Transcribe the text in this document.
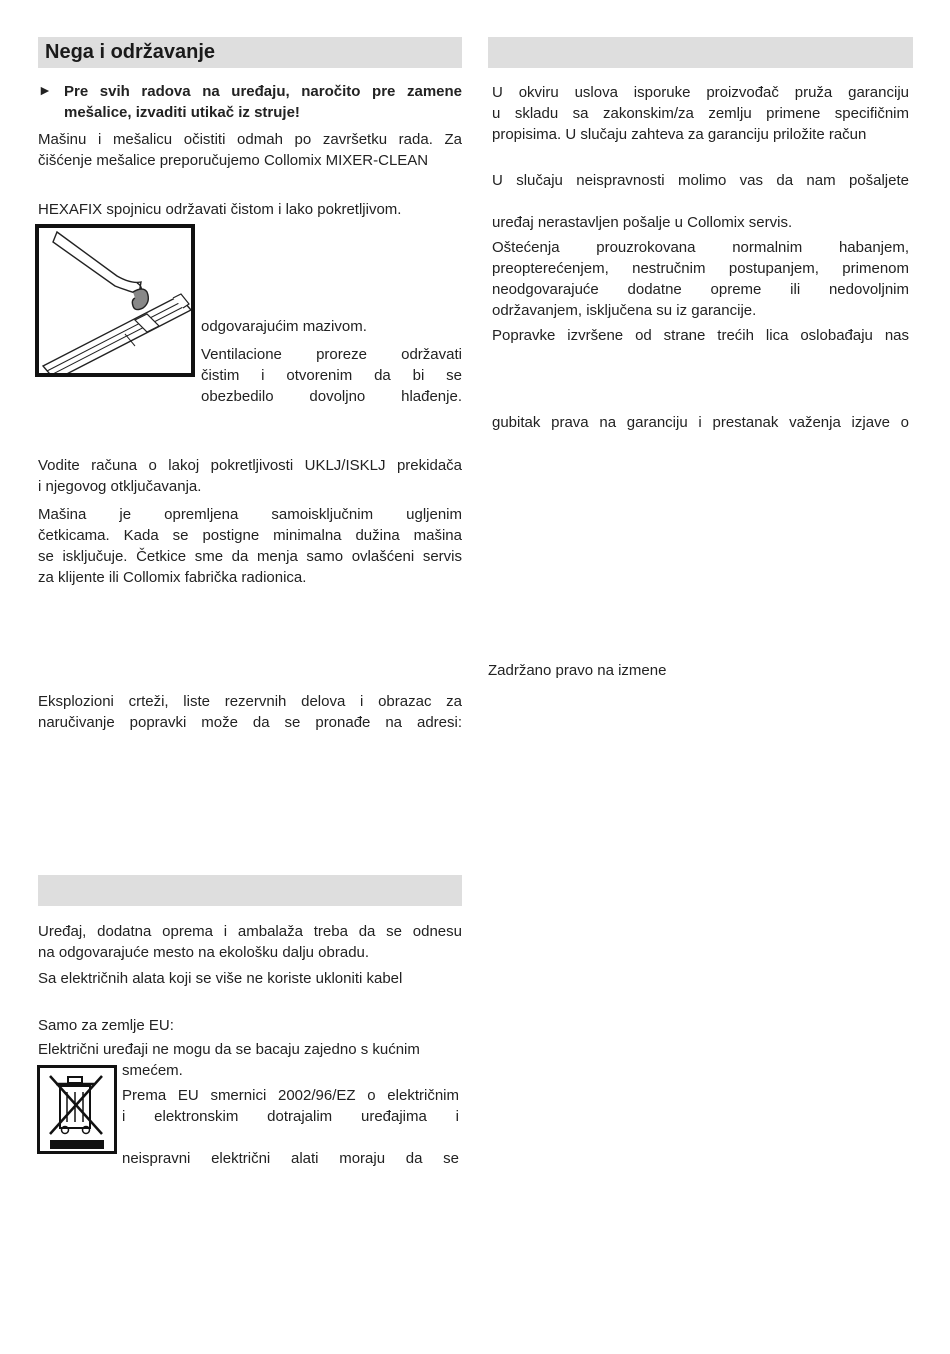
Nega i održavanje
► Pre svih radova na uređaju, naročito pre zamene

mešalice, izvaditi utikač iz struje!

Mašinu i mešalicu očistiti odmah po završetku rada. Za

čišćenje mešalice preporučujemo Collomix MIXER-CLEAN

HEXAFIX spojnicu održavati čistom i lako pokretljivom.

odgovarajućim mazivom.

Ventilacione proreze održavati

čistim i otvorenim da bi se

obezbedilo dovoljno hlađenje.

Vodite računa o lakoj pokretljivosti UKLJ/ISKLJ prekidača

i njegovog otključavanja.

Mašina je opremljena samoisključnim ugljenim

četkicama. Kada se postigne minimalna dužina mašina

se isključuje. Četkice sme da menja samo ovlašćeni servis

za klijente ili Collomix fabrička radionica.

Eksplozioni crteži, liste rezervnih delova i obrazac za

naručivanje popravki može da se pronađe na adresi:

Uređaj, dodatna oprema i ambalaža treba da se odnesu

na odgovarajuće mesto na ekološku dalju obradu.

Sa električnih alata koji se više ne koriste ukloniti kabel

Samo za zemlje EU:

Električni uređaji ne mogu da se bacaju zajedno s kućnim

smećem.

Prema EU smernici 2002/96/EZ o električnim

i elektronskim dotrajalim uređajima i

neispravni električni alati moraju da se

U okviru uslova isporuke proizvođač pruža garanciju

u skladu sa zakonskim/za zemlju primene specifičnim

propisima. U slučaju zahteva za garanciju priložite račun

U slučaju neispravnosti molimo vas da nam pošaljete

uređaj nerastavljen pošalje u Collomix servis.

Oštećenja prouzrokovana normalnim habanjem,

preopterećenjem, nestručnim postupanjem, primenom

neodgovarajuće dodatne opreme ili nedovoljnim

održavanjem, isključena su iz garancije.

Popravke izvršene od strane trećih lica oslobađaju nas

gubitak prava na garanciju i prestanak važenja izjave o

Zadržano pravo na izmene
